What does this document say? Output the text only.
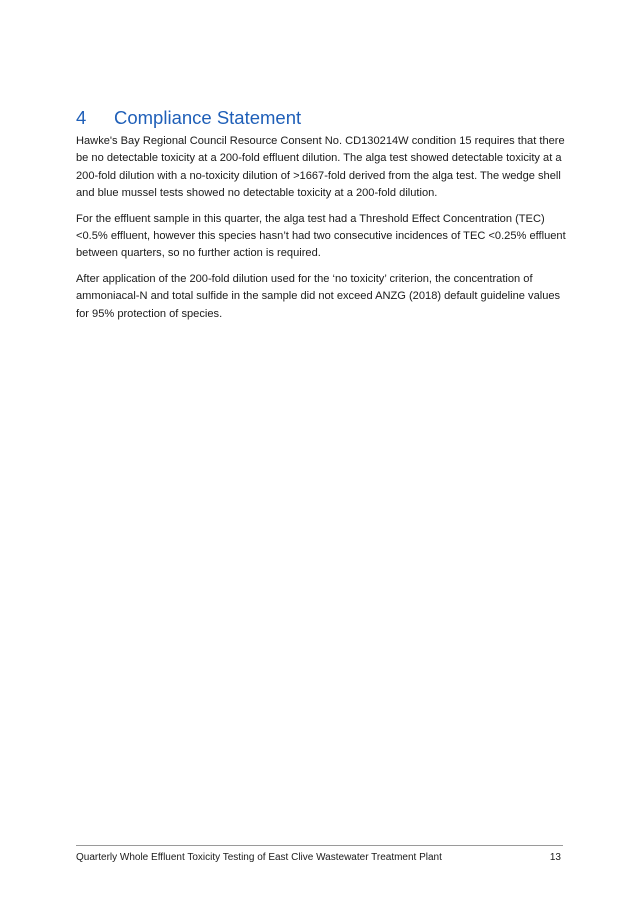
4 Compliance Statement

Hawke's Bay Regional Council Resource Consent No. CD130214W condition 15 requires that there be no detectable toxicity at a 200-fold effluent dilution. The alga test showed detectable toxicity at a 200-fold dilution with a no-toxicity dilution of >1667-fold derived from the alga test. The wedge shell and blue mussel tests showed no detectable toxicity at a 200-fold dilution.

For the effluent sample in this quarter, the alga test had a Threshold Effect Concentration (TEC) <0.5% effluent, however this species hasn’t had two consecutive incidences of TEC <0.25% effluent between quarters, so no further action is required.

After application of the 200-fold dilution used for the ‘no toxicity’ criterion, the concentration of ammoniacal-N and total sulfide in the sample did not exceed ANZG (2018) default guideline values for 95% protection of species.

Quarterly Whole Effluent Toxicity Testing of East Clive Wastewater Treatment Plant	13
